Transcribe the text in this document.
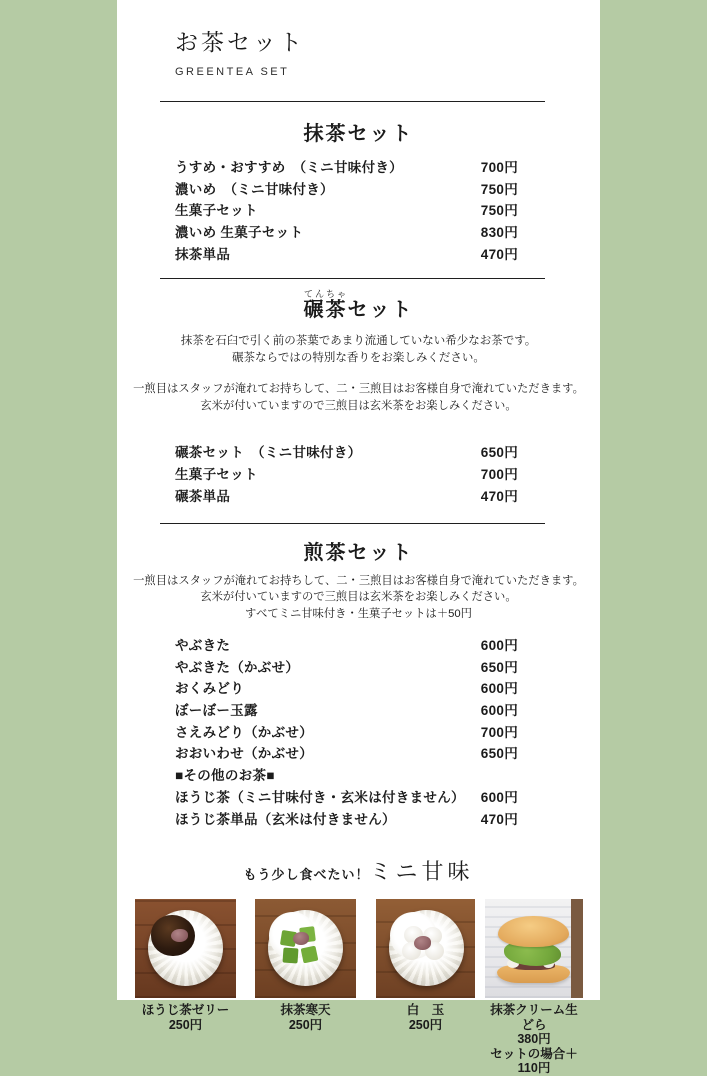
お茶セット
GREENTEA SET
抹茶セット
うすめ・おすすめ　（ミニ甘味付き）	700円
濃いめ　（ミニ甘味付き）	750円
生菓子セット	750円
濃いめ 生菓子セット	830円
抹茶単品	470円
碾茶てんちゃセット
抹茶を石臼で引く前の茶葉であまり流通していない希少なお茶です。
碾茶ならではの特別な香りをお楽しみください。
一煎目はスタッフが淹れてお持ちして、二・三煎目はお客様自身で淹れていただきます。
玄米が付いていますので三煎目は玄米茶をお楽しみください。
碾茶セット　（ミニ甘味付き）	650円
生菓子セット	700円
碾茶単品	470円
煎茶セット
一煎目はスタッフが淹れてお持ちして、二・三煎目はお客様自身で淹れていただきます。
玄米が付いていますので三煎目は玄米茶をお楽しみください。
すべてミニ甘味付き・生菓子セットは＋50円
やぶきた	600円
やぶきた（かぶせ）	650円
おくみどり	600円
ぼーぼー玉露	600円
さえみどり（かぶせ）	700円
おおいわせ（かぶせ）	650円
■その他のお茶■
ほうじ茶（ミニ甘味付き・玄米は付きません） 600円
ほうじ茶単品（玄米は付きません）	470円
もう少し食べたい！ミニ甘味
ほうじ茶ゼリー
250円
抹茶寒天
250円
白　玉
250円
抹茶クリーム生どら
380円
セットの場合＋110円
